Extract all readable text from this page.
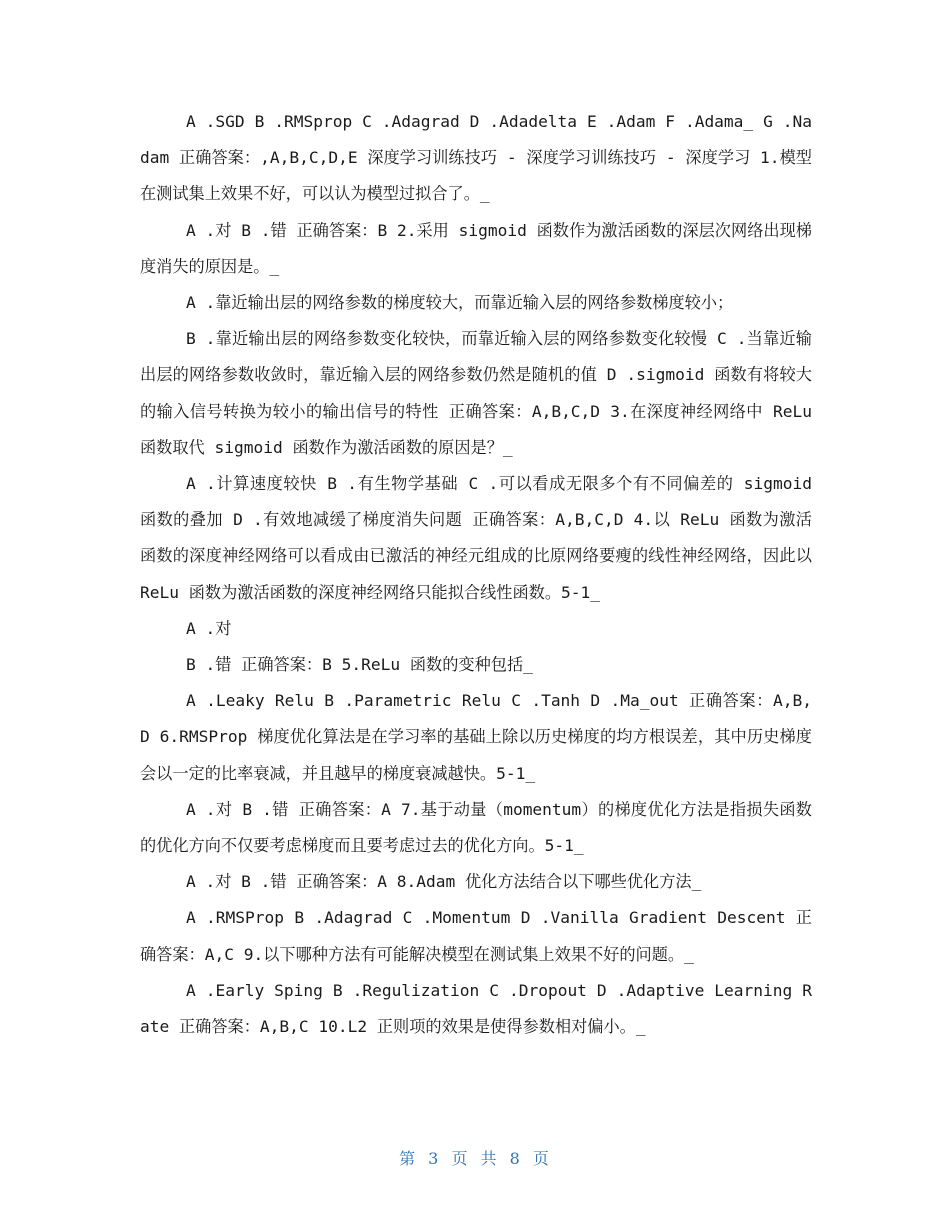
A .SGD B .RMSprop C .Adagrad D .Adadelta E .Adam F .Adama_ G .Nadam 正确答案：,A,B,C,D,E 深度学习训练技巧 - 深度学习训练技巧 - 深度学习 1.模型在测试集上效果不好，可以认为模型过拟合了。_

A .对 B .错 正确答案：B 2.采用 sigmoid 函数作为激活函数的深层次网络出现梯度消失的原因是。_

A .靠近输出层的网络参数的梯度较大，而靠近输入层的网络参数梯度较小；

B .靠近输出层的网络参数变化较快，而靠近输入层的网络参数变化较慢 C .当靠近输出层的网络参数收敛时，靠近输入层的网络参数仍然是随机的值 D .sigmoid 函数有将较大的输入信号转换为较小的输出信号的特性 正确答案：A,B,C,D 3.在深度神经网络中 ReLu 函数取代 sigmoid 函数作为激活函数的原因是？_

A .计算速度较快 B .有生物学基础 C .可以看成无限多个有不同偏差的 sigmoid 函数的叠加 D .有效地减缓了梯度消失问题 正确答案：A,B,C,D 4.以 ReLu 函数为激活函数的深度神经网络可以看成由已激活的神经元组成的比原网络要瘦的线性神经网络，因此以 ReLu 函数为激活函数的深度神经网络只能拟合线性函数。5-1_

A .对

B .错 正确答案：B 5.ReLu 函数的变种包括_

A .Leaky Relu B .Parametric Relu C .Tanh D .Ma_out 正确答案：A,B,D 6.RMSProp 梯度优化算法是在学习率的基础上除以历史梯度的均方根误差，其中历史梯度会以一定的比率衰减，并且越早的梯度衰减越快。5-1_

A .对 B .错 正确答案：A 7.基于动量（momentum）的梯度优化方法是指损失函数的优化方向不仅要考虑梯度而且要考虑过去的优化方向。5-1_

A .对 B .错 正确答案：A 8.Adam 优化方法结合以下哪些优化方法_

A .RMSProp B .Adagrad C .Momentum D .Vanilla Gradient Descent 正确答案：A,C 9.以下哪种方法有可能解决模型在测试集上效果不好的问题。_

A .Early Sping B .Regulization C .Dropout D .Adaptive Learning Rate 正确答案：A,B,C 10.L2 正则项的效果是使得参数相对偏小。_

第 3 页 共 8 页
